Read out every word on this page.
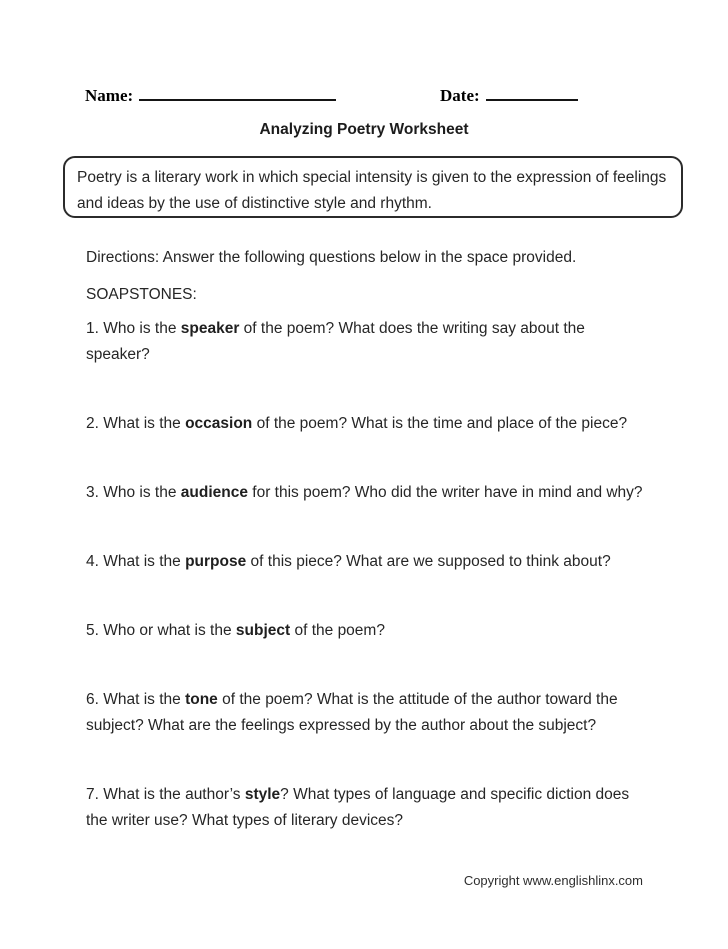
Name:	Date:
Analyzing Poetry Worksheet

Poetry is a literary work in which special intensity is given to the expression of feelings and ideas by the use of distinctive style and rhythm.

Directions: Answer the following questions below in the space provided.

SOAPSTONES:

1. Who is the speaker of the poem? What does the writing say about the
speaker?
2. What is the occasion of the poem? What is the time and place of the piece?
3. Who is the audience for this poem? Who did the writer have in mind and why?
4. What is the purpose of this piece? What are we supposed to think about?
5. Who or what is the subject of the poem?
6. What is the tone of the poem? What is the attitude of the author toward the
subject? What are the feelings expressed by the author about the subject?
7. What is the author’s style? What types of language and specific diction does
the writer use? What types of literary devices?
Copyright www.englishlinx.com
